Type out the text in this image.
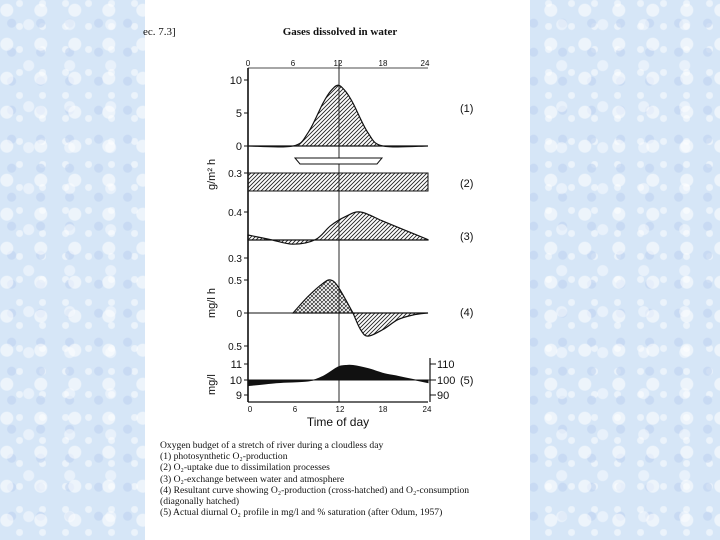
ec. 7.3]	Gases dissolved in water
0	6	12	18	24
g/m² h
mg/l h
mg/l
10
5
0
(1)
0.3
(2)
0.4
0.3
(3)
0.5
0
0.5
(4)
11
10
9
110
100
90
(5)
0	6	12	18	24
Time of day
Oxygen budget of a stretch of river during a cloudless day
(1) photosynthetic O₂-production
(2) O₂-uptake due to dissimilation processes
(3) O₂-exchange between water and atmosphere
(4) Resultant curve showing O₂-production (cross-hatched) and O₂-consumption
(diagonally hatched)
(5) Actual diurnal O₂ profile in mg/l and % saturation (after Odum, 1957)
